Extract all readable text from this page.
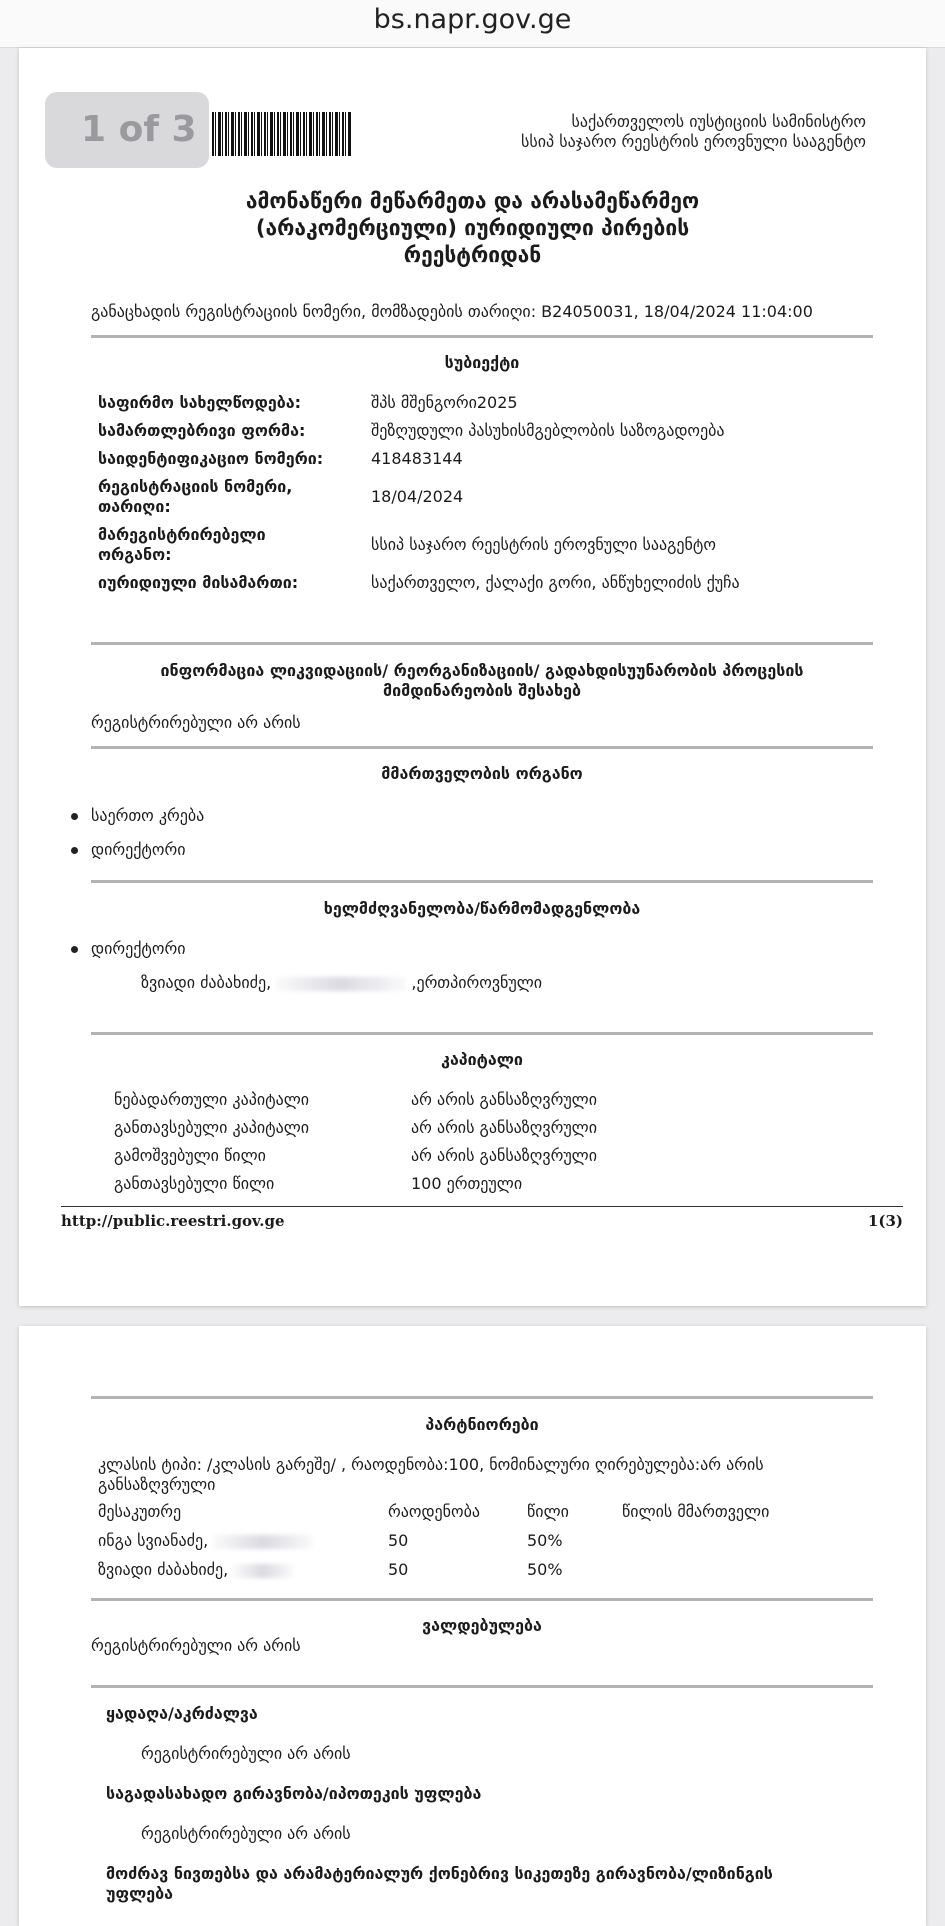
bs.napr.gov.ge
1 of 3	საქართველოს იუსტიციის სამინისტრო
სსიპ საჯარო რეესტრის ეროვნული სააგენტო
ამონაწერი მეწარმეთა და არასამეწარმეო
(არაკომერციული) იურიდიული პირების
რეესტრიდან
განაცხადის რეგისტრაციის ნომერი, მომზადების თარიღი: B24050031, 18/04/2024 11:04:00
სუბიექტი
საფირმო სახელწოდება:	შპს მშენგორი2025
სამართლებრივი ფორმა:	შეზღუდული პასუხისმგებლობის საზოგადოება
საიდენტიფიკაციო ნომერი:	418483144
რეგისტრაციის ნომერი, თარიღი:
18/04/2024
მარეგისტრირებელი ორგანო:
სსიპ საჯარო რეესტრის ეროვნული სააგენტო
იურიდიული მისამართი:	საქართველო, ქალაქი გორი, ანწუხელიძის ქუჩა
ინფორმაცია ლიკვიდაციის/ რეორგანიზაციის/ გადახდისუუნარობის პროცესის
მიმდინარეობის შესახებ
რეგისტრირებული არ არის
მმართველობის ორგანო
საერთო კრება
დირექტორი
ხელმძღვანელობა/წარმომადგენლობა
დირექტორი
ზვიადი ძაბახიძე,	,ერთპიროვნული
კაპიტალი
ნებადართული კაპიტალი	არ არის განსაზღვრული
განთავსებული კაპიტალი	არ არის განსაზღვრული
გამოშვებული წილი	არ არის განსაზღვრული
განთავსებული წილი	100 ერთეული
http://public.reestri.gov.ge	1(3)
პარტნიორები
კლასის ტიპი: /კლასის გარეშე/ , რაოდენობა:100, ნომინალური ღირებულება:არ არის
განსაზღვრული
მესაკუთრე	რაოდენობა	წილი	წილის მმართველი
ინგა სვიანაძე,	50	50%
ზვიადი ძაბახიძე,	50	50%
ვალდებულება
რეგისტრირებული არ არის
ყადაღა/აკრძალვა
რეგისტრირებული არ არის
საგადასახადო გირავნობა/იპოთეკის უფლება
რეგისტრირებული არ არის
მოძრავ ნივთებსა და არამატერიალურ ქონებრივ სიკეთეზე გირავნობა/ლიზინგის
უფლება
